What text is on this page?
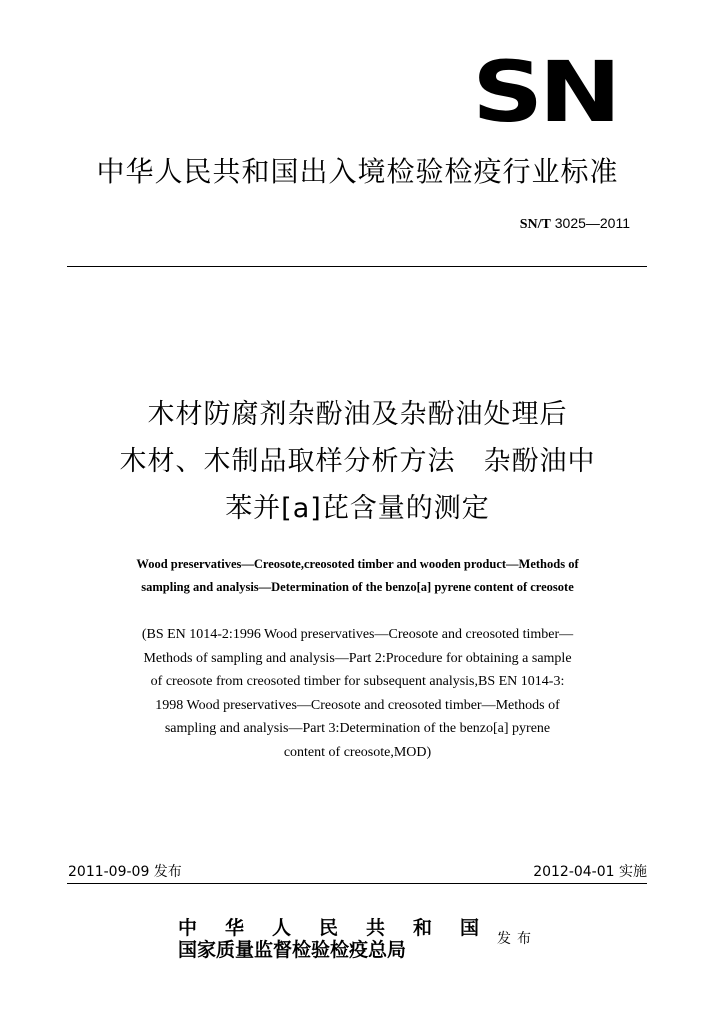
SN
中华人民共和国出入境检验检疫行业标准
SN/T 3025—2011
木材防腐剂杂酚油及杂酚油处理后
木材、木制品取样分析方法　杂酚油中
苯并[a]芘含量的测定
Wood preservatives—Creosote,creosoted timber and wooden product—Methods of
sampling and analysis—Determination of the benzo[a] pyrene content of creosote
(BS EN 1014-2:1996 Wood preservatives—Creosote and creosoted timber—
Methods of sampling and analysis—Part 2:Procedure for obtaining a sample
of creosote from creosoted timber for subsequent analysis,BS EN 1014-3:
1998 Wood preservatives—Creosote and creosoted timber—Methods of
sampling and analysis—Part 3:Determination of the benzo[a] pyrene
content of creosote,MOD)
2011-09-09 发布	2012-04-01 实施
中华人民共和国
国家质量监督检验检疫总局	发布
